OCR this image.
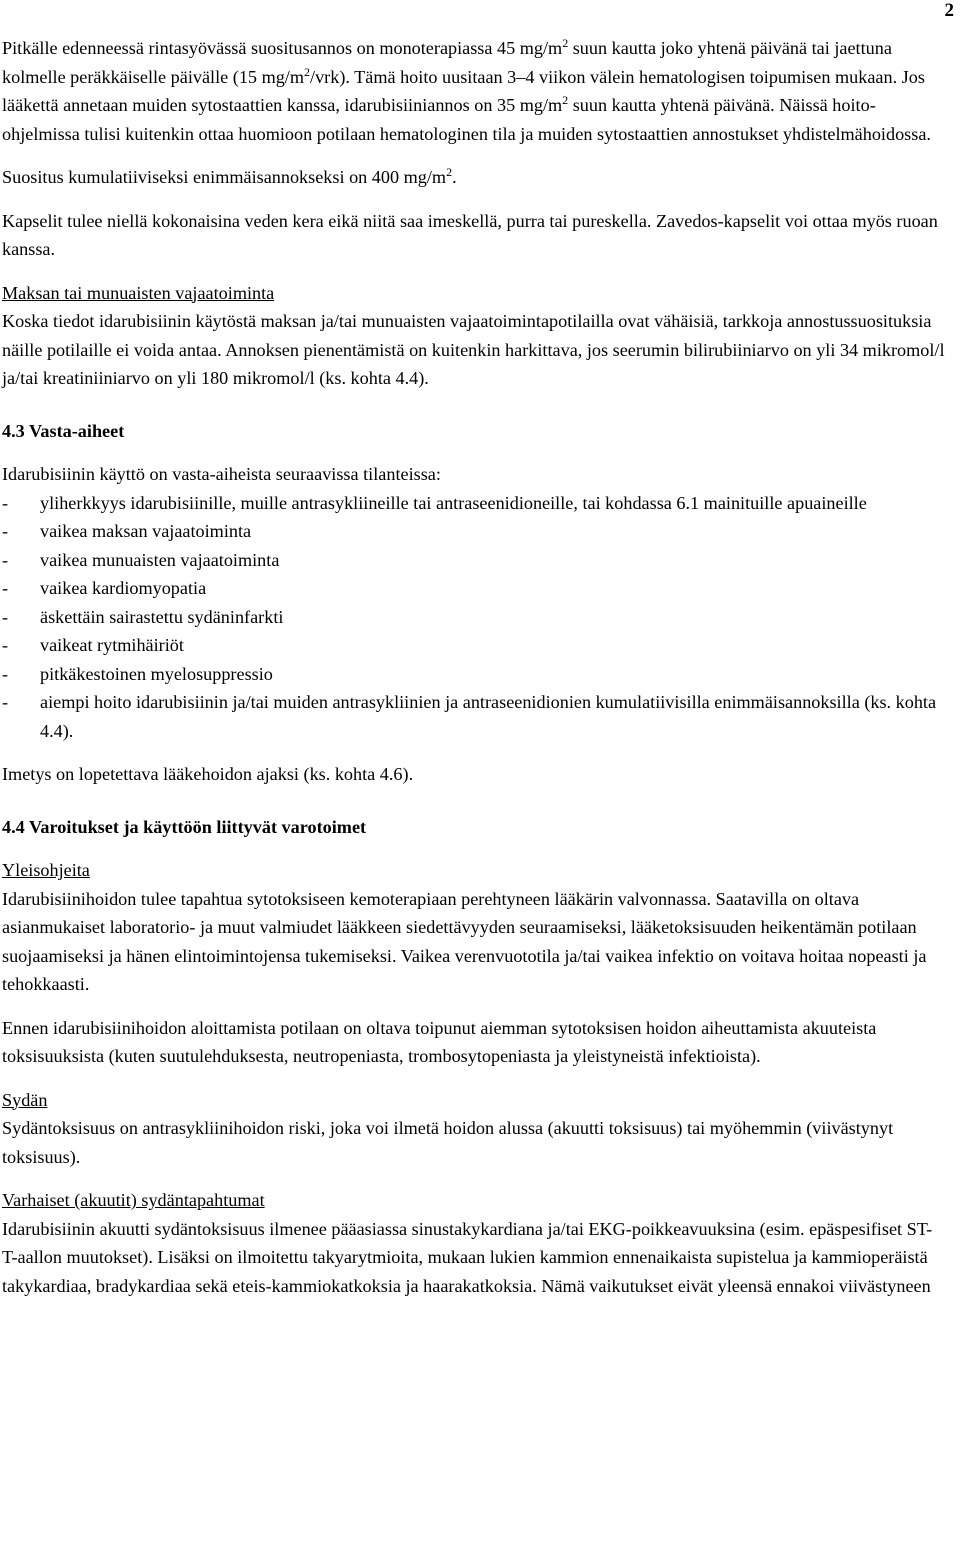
2

Pitkälle edenneessä rintasyövässä suositusannos on monoterapiassa 45 $mg/m^2$ suun kautta joko yhtenä päivänä tai jaettuna kolmelle peräkkäiselle päivälle (15 $mg/m^2/vrk$). Tämä hoito uusitaan 3–4 viikon välein hematologisen toipumisen mukaan. Jos lääkettä annetaan muiden sytostaattien kanssa, idarubisiiniannos on 35 $mg/m^2$ suun kautta yhtenä päivänä. Näissä hoito-ohjelmissa tulisi kuitenkin ottaa huomioon potilaan hematologinen tila ja muiden sytostaattien annostukset yhdistelmähoidossa.

Suositus kumulatiiviseksi enimmäisannokseksi on 400 $mg/m^2$.

Kapselit tulee niellä kokonaisina veden kera eikä niitä saa imeskellä, purra tai pureskella. Zavedos-kapselit voi ottaa myös ruoan kanssa.

Maksan tai munuaisten vajaatoiminta

Koska tiedot idarubisiinin käytöstä maksan ja/tai munuaisten vajaatoimintapotilailla ovat vähäisiä, tarkkoja annostussuosituksia näille potilaille ei voida antaa. Annoksen pienentämistä on kuitenkin harkittava, jos seerumin bilirubiiniarvo on yli 34 mikromol/l ja/tai kreatiniiniarvo on yli 180 mikromol/l (ks. kohta 4.4).

4.3 Vasta-aiheet

Idarubisiinin käyttö on vasta-aiheista seuraavissa tilanteissa:

- yliherkkyys idarubisiinille, muille antrasykliineille tai antraseenidioneille, tai kohdassa 6.1 mainituille apuaineille
- vaikea maksan vajaatoiminta
- vaikea munuaisten vajaatoiminta
- vaikea kardiomyopatia
- äskettäin sairastettu sydäninfarkti
- vaikeat rytmihäiriöt
- pitkäkestoinen myelosuppressio
- aiempi hoito idarubisiinin ja/tai muiden antrasykliinien ja antraseenidionien kumulatiivisilla enimmäisannoksilla (ks. kohta 4.4).

Imetys on lopetettava lääkehoidon ajaksi (ks. kohta 4.6).

4.4 Varoitukset ja käyttöön liittyvät varotoimet

Yleisohjeita

Idarubisiinihoidon tulee tapahtua sytotoksiseen kemoterapiaan perehtyneen lääkärin valvonnassa. Saatavilla on oltava asianmukaiset laboratorio- ja muut valmiudet lääkkeen siedettävyyden seuraamiseksi, lääketoksisuuden heikentämän potilaan suojaamiseksi ja hänen elintoimintojensa tukemiseksi. Vaikea verenvuototila ja/tai vaikea infektio on voitava hoitaa nopeasti ja tehokkaasti.

Ennen idarubisiinihoidon aloittamista potilaan on oltava toipunut aiemman sytotoksisen hoidon aiheuttamista akuuteista toksisuuksista (kuten suutulehduksesta, neutropeniasta, trombosytopeniasta ja yleistyneistä infektioista).

Sydän

Sydäntoksisuus on antrasykliinihoidon riski, joka voi ilmetä hoidon alussa (akuutti toksisuus) tai myöhemmin (viivästynyt toksisuus).

Varhaiset (akuutit) sydäntapahtumat

Idarubisiinin akuutti sydäntoksisuus ilmenee pääasiassa sinustakykardiana ja/tai EKG-poikkeavuuksina (esim. epäspesifiset ST-T-aallon muutokset). Lisäksi on ilmoitettu takyarytmioita, mukaan lukien kammion ennenaikaista supistelua ja kammioperäistä takykardiaa, bradykardiaa sekä eteis-kammiokatkoksia ja haarakatkoksia. Nämä vaikutukset eivät yleensä ennakoi viivästyneen
